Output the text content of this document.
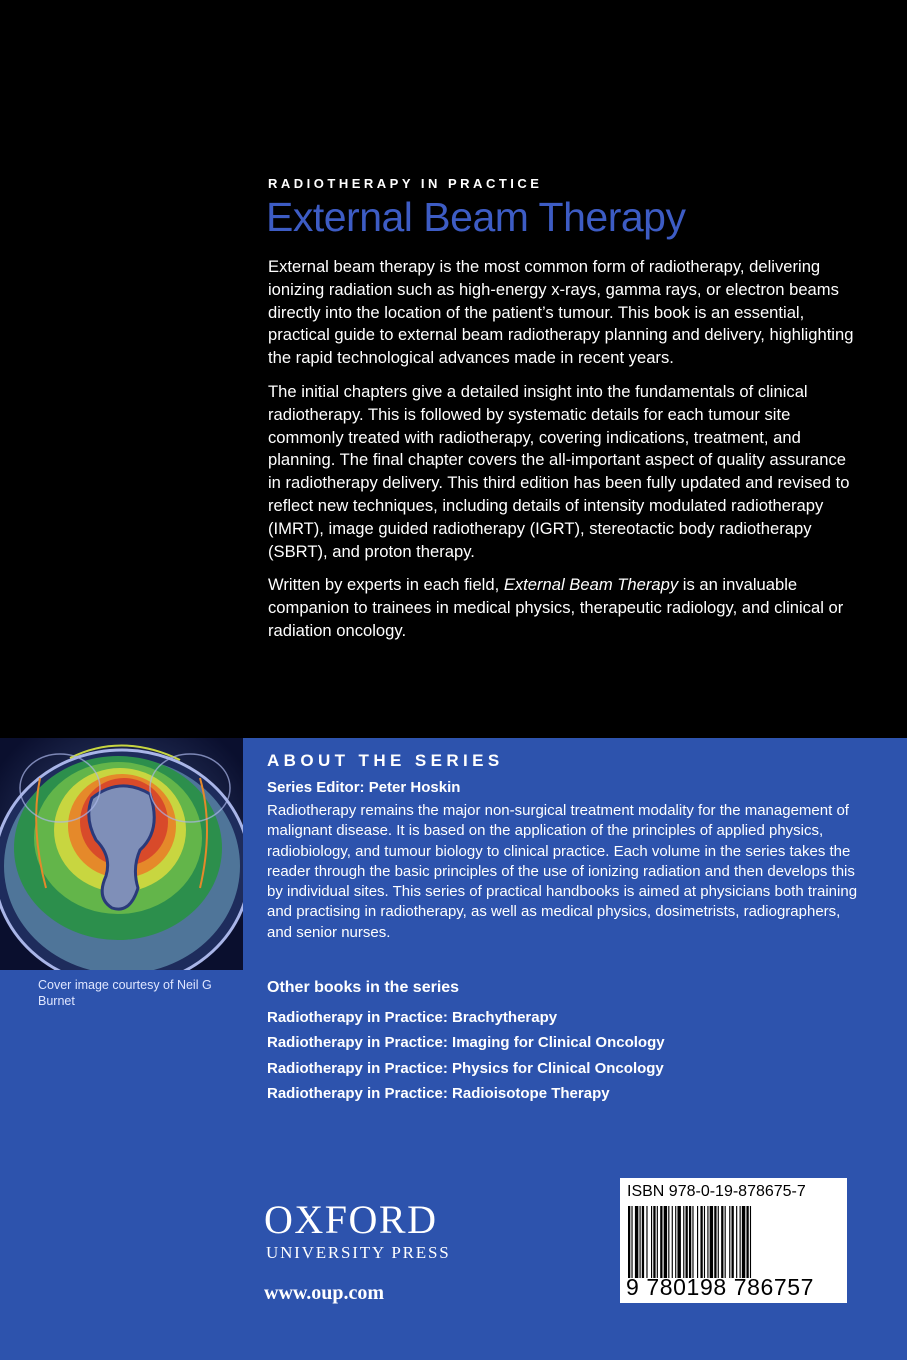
RADIOTHERAPY IN PRACTICE
External Beam Therapy

External beam therapy is the most common form of radiotherapy, delivering ionizing radiation such as high-energy x-rays, gamma rays, or electron beams directly into the location of the patient’s tumour. This book is an essential, practical guide to external beam radiotherapy planning and delivery, highlighting the rapid technological advances made in recent years.

The initial chapters give a detailed insight into the fundamentals of clinical radiotherapy. This is followed by systematic details for each tumour site commonly treated with radiotherapy, covering indications, treatment, and planning. The final chapter covers the all-important aspect of quality assurance in radiotherapy delivery. This third edition has been fully updated and revised to reflect new techniques, including details of intensity modulated radiotherapy (IMRT), image guided radiotherapy (IGRT), stereotactic body radiotherapy (SBRT), and proton therapy.

Written by experts in each field, External Beam Therapy is an invaluable companion to trainees in medical physics, therapeutic radiology, and clinical or radiation oncology.

Cover image courtesy of Neil G Burnet
ABOUT THE SERIES
Series Editor: Peter Hoskin
Radiotherapy remains the major non-surgical treatment modality for the management of malignant disease. It is based on the application of the principles of applied physics, radiobiology, and tumour biology to clinical practice. Each volume in the series takes the reader through the basic principles of the use of ionizing radiation and then develops this by individual sites. This series of practical handbooks is aimed at physicians both training and practising in radiotherapy, as well as medical physics, dosimetrists, radiographers, and senior nurses.
Other books in the series
Radiotherapy in Practice: Brachytherapy
Radiotherapy in Practice: Imaging for Clinical Oncology
Radiotherapy in Practice: Physics for Clinical Oncology
Radiotherapy in Practice: Radioisotope Therapy
OXFORD
UNIVERSITY PRESS
www.oup.com
ISBN 978-0-19-878675-7
9 780198 786757
